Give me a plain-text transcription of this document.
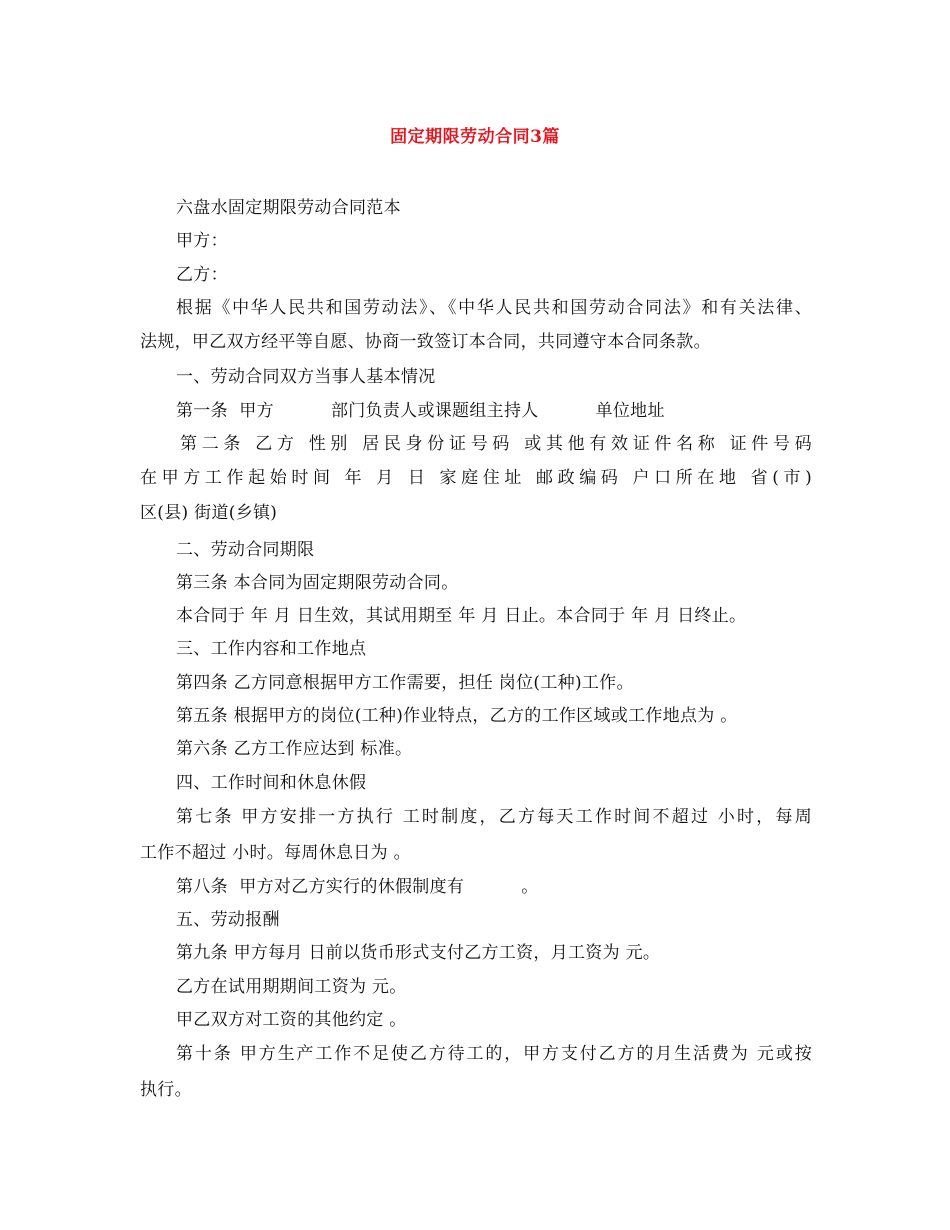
固定期限劳动合同3篇
六盘水固定期限劳动合同范本
甲方：
乙方：
根据《中华人民共和国劳动法》、《中华人民共和国劳动合同法》和有关法律、
法规，甲乙双方经平等自愿、协商一致签订本合同，共同遵守本合同条款。
一、劳动合同双方当事人基本情况
第一条  甲方          部门负责人或课题组主持人          单位地址
第二条 乙方 性别 居民身份证号码 或其他有效证件名称 证件号码
在甲方工作起始时间 年 月 日 家庭住址 邮政编码 户口所在地 省(市)
区(县) 街道(乡镇)
二、劳动合同期限
第三条 本合同为固定期限劳动合同。
本合同于 年 月 日生效，其试用期至 年 月 日止。本合同于 年 月 日终止。
三、工作内容和工作地点
第四条 乙方同意根据甲方工作需要，担任 岗位(工种)工作。
第五条 根据甲方的岗位(工种)作业特点，乙方的工作区域或工作地点为 。
第六条 乙方工作应达到 标准。
四、工作时间和休息休假
第七条 甲方安排一方执行 工时制度，乙方每天工作时间不超过 小时，每周
工作不超过 小时。每周休息日为 。
第八条  甲方对乙方实行的休假制度有          。
五、劳动报酬
第九条 甲方每月 日前以货币形式支付乙方工资，月工资为 元。
乙方在试用期期间工资为 元。
甲乙双方对工资的其他约定 。
第十条 甲方生产工作不足使乙方待工的，甲方支付乙方的月生活费为 元或按
执行。
